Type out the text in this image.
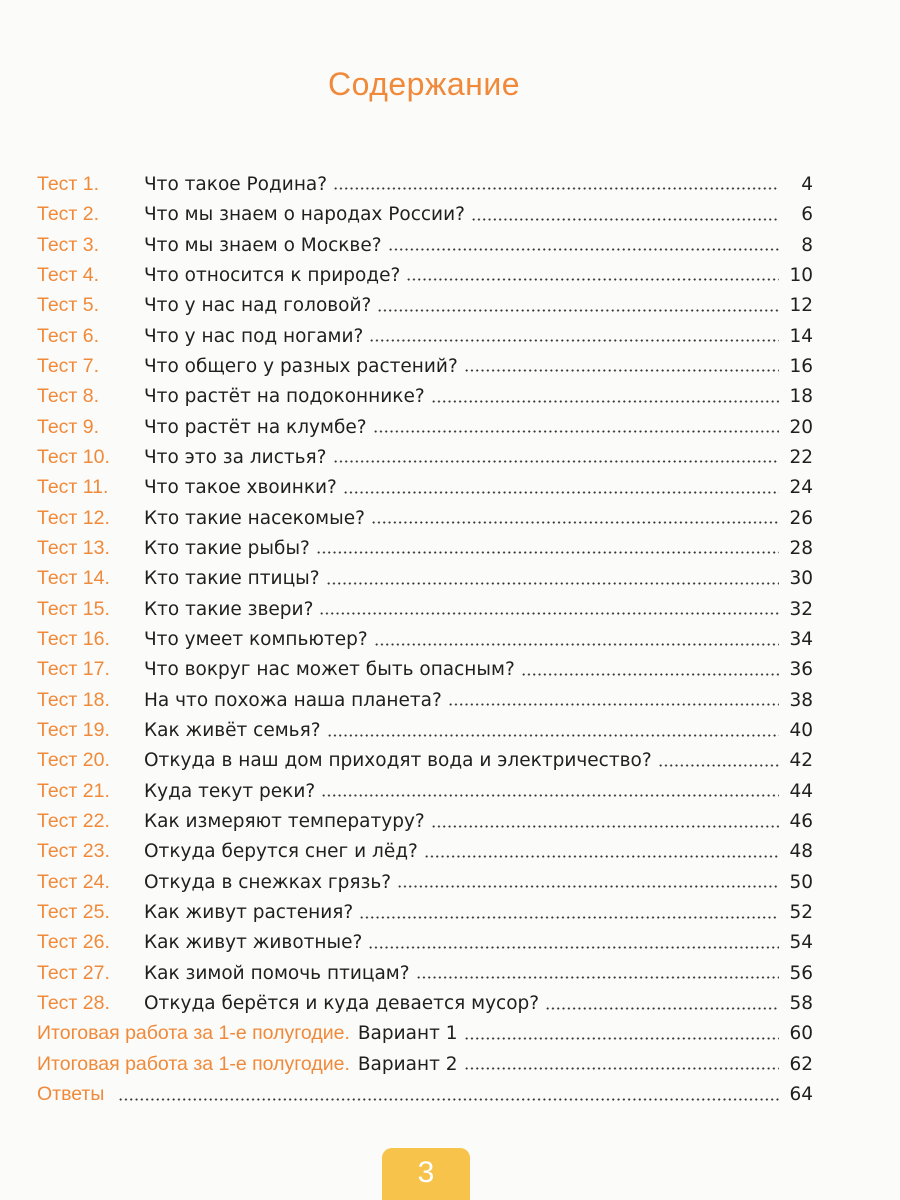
Содержание
Тест 1.	Что такое Родина?	4
Тест 2.	Что мы знаем о народах России?	6
Тест 3.	Что мы знаем о Москве?	8
Тест 4.	Что относится к природе?	10
Тест 5.	Что у нас над головой?	12
Тест 6.	Что у нас под ногами?	14
Тест 7.	Что общего у разных растений?	16
Тест 8.	Что растёт на подоконнике?	18
Тест 9.	Что растёт на клумбе?	20
Тест 10.	Что это за листья?	22
Тест 11.	Что такое хвоинки?	24
Тест 12.	Кто такие насекомые?	26
Тест 13.	Кто такие рыбы?	28
Тест 14.	Кто такие птицы?	30
Тест 15.	Кто такие звери?	32
Тест 16.	Что умеет компьютер?	34
Тест 17.	Что вокруг нас может быть опасным?	36
Тест 18.	На что похожа наша планета?	38
Тест 19.	Как живёт семья?	40
Тест 20.	Откуда в наш дом приходят вода и электричество?	42
Тест 21.	Куда текут реки?	44
Тест 22.	Как измеряют температуру?	46
Тест 23.	Откуда берутся снег и лёд?	48
Тест 24.	Откуда в снежках грязь?	50
Тест 25.	Как живут растения?	52
Тест 26.	Как живут животные?	54
Тест 27.	Как зимой помочь птицам?	56
Тест 28.	Откуда берётся и куда девается мусор?	58
Итоговая работа за 1-е полугодие. Вариант 1	60
Итоговая работа за 1-е полугодие. Вариант 2	62
Ответы	64
3
